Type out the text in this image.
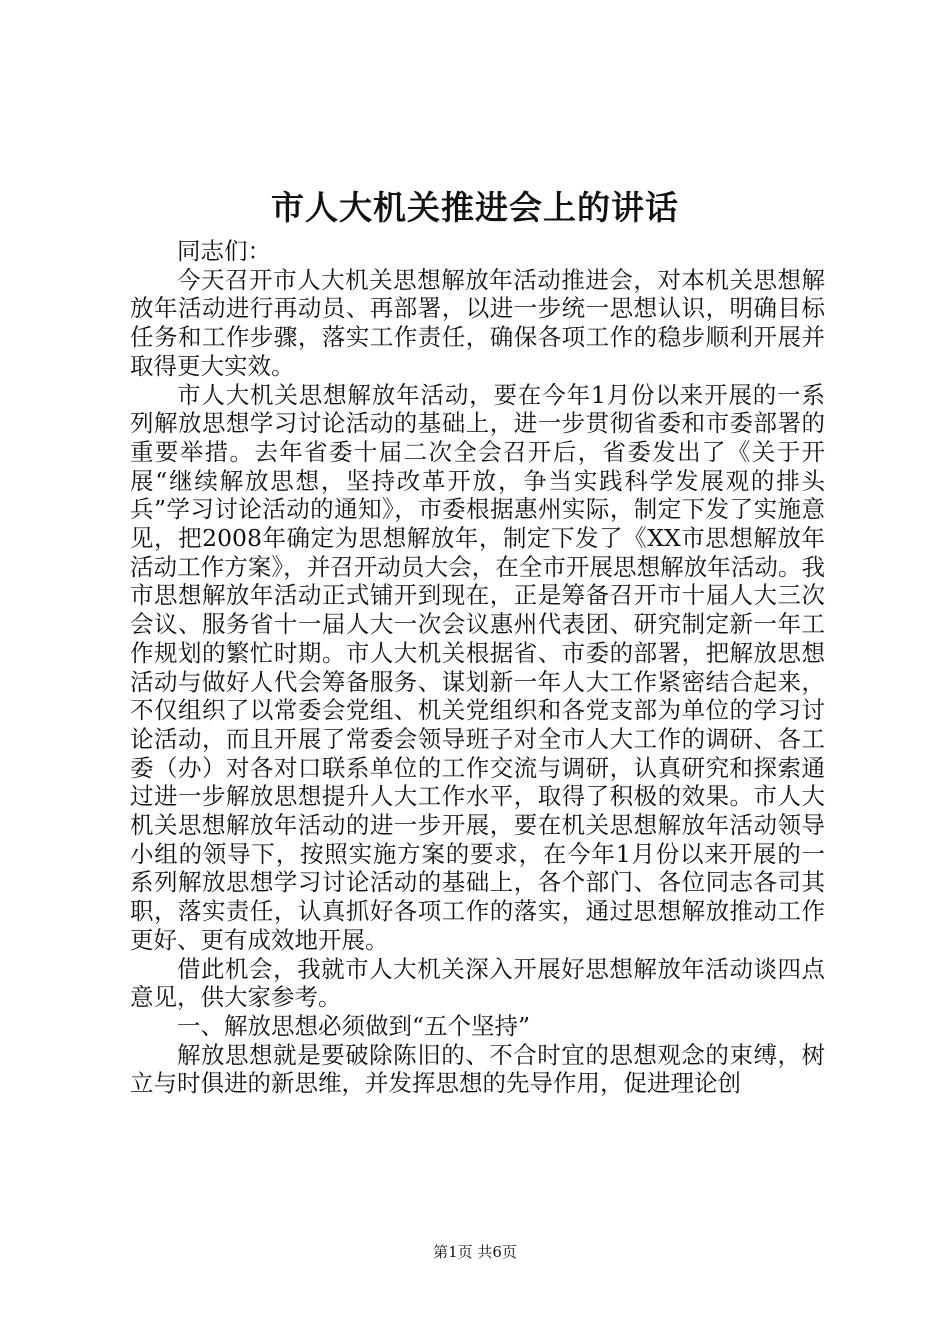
市人大机关推进会上的讲话

同志们：

今天召开市人大机关思想解放年活动推进会，对本机关思想解放年活动进行再动员、再部署，以进一步统一思想认识，明确目标任务和工作步骤，落实工作责任，确保各项工作的稳步顺利开展并取得更大实效。

市人大机关思想解放年活动，要在今年1月份以来开展的一系列解放思想学习讨论活动的基础上，进一步贯彻省委和市委部署的重要举措。去年省委十届二次全会召开后，省委发出了《关于开展“继续解放思想，坚持改革开放，争当实践科学发展观的排头兵”学习讨论活动的通知》，市委根据惠州实际，制定下发了实施意见，把2008年确定为思想解放年，制定下发了《XX市思想解放年活动工作方案》，并召开动员大会，在全市开展思想解放年活动。我市思想解放年活动正式铺开到现在，正是筹备召开市十届人大三次会议、服务省十一届人大一次会议惠州代表团、研究制定新一年工作规划的繁忙时期。市人大机关根据省、市委的部署，把解放思想活动与做好人代会筹备服务、谋划新一年人大工作紧密结合起来，不仅组织了以常委会党组、机关党组织和各党支部为单位的学习讨论活动，而且开展了常委会领导班子对全市人大工作的调研、各工委（办）对各对口联系单位的工作交流与调研，认真研究和探索通过进一步解放思想提升人大工作水平，取得了积极的效果。市人大机关思想解放年活动的进一步开展，要在机关思想解放年活动领导小组的领导下，按照实施方案的要求，在今年1月份以来开展的一系列解放思想学习讨论活动的基础上，各个部门、各位同志各司其职，落实责任，认真抓好各项工作的落实，通过思想解放推动工作更好、更有成效地开展。

借此机会，我就市人大机关深入开展好思想解放年活动谈四点意见，供大家参考。

一、解放思想必须做到“五个坚持”

解放思想就是要破除陈旧的、不合时宜的思想观念的束缚，树立与时俱进的新思维，并发挥思想的先导作用，促进理论创

第1页 共6页
